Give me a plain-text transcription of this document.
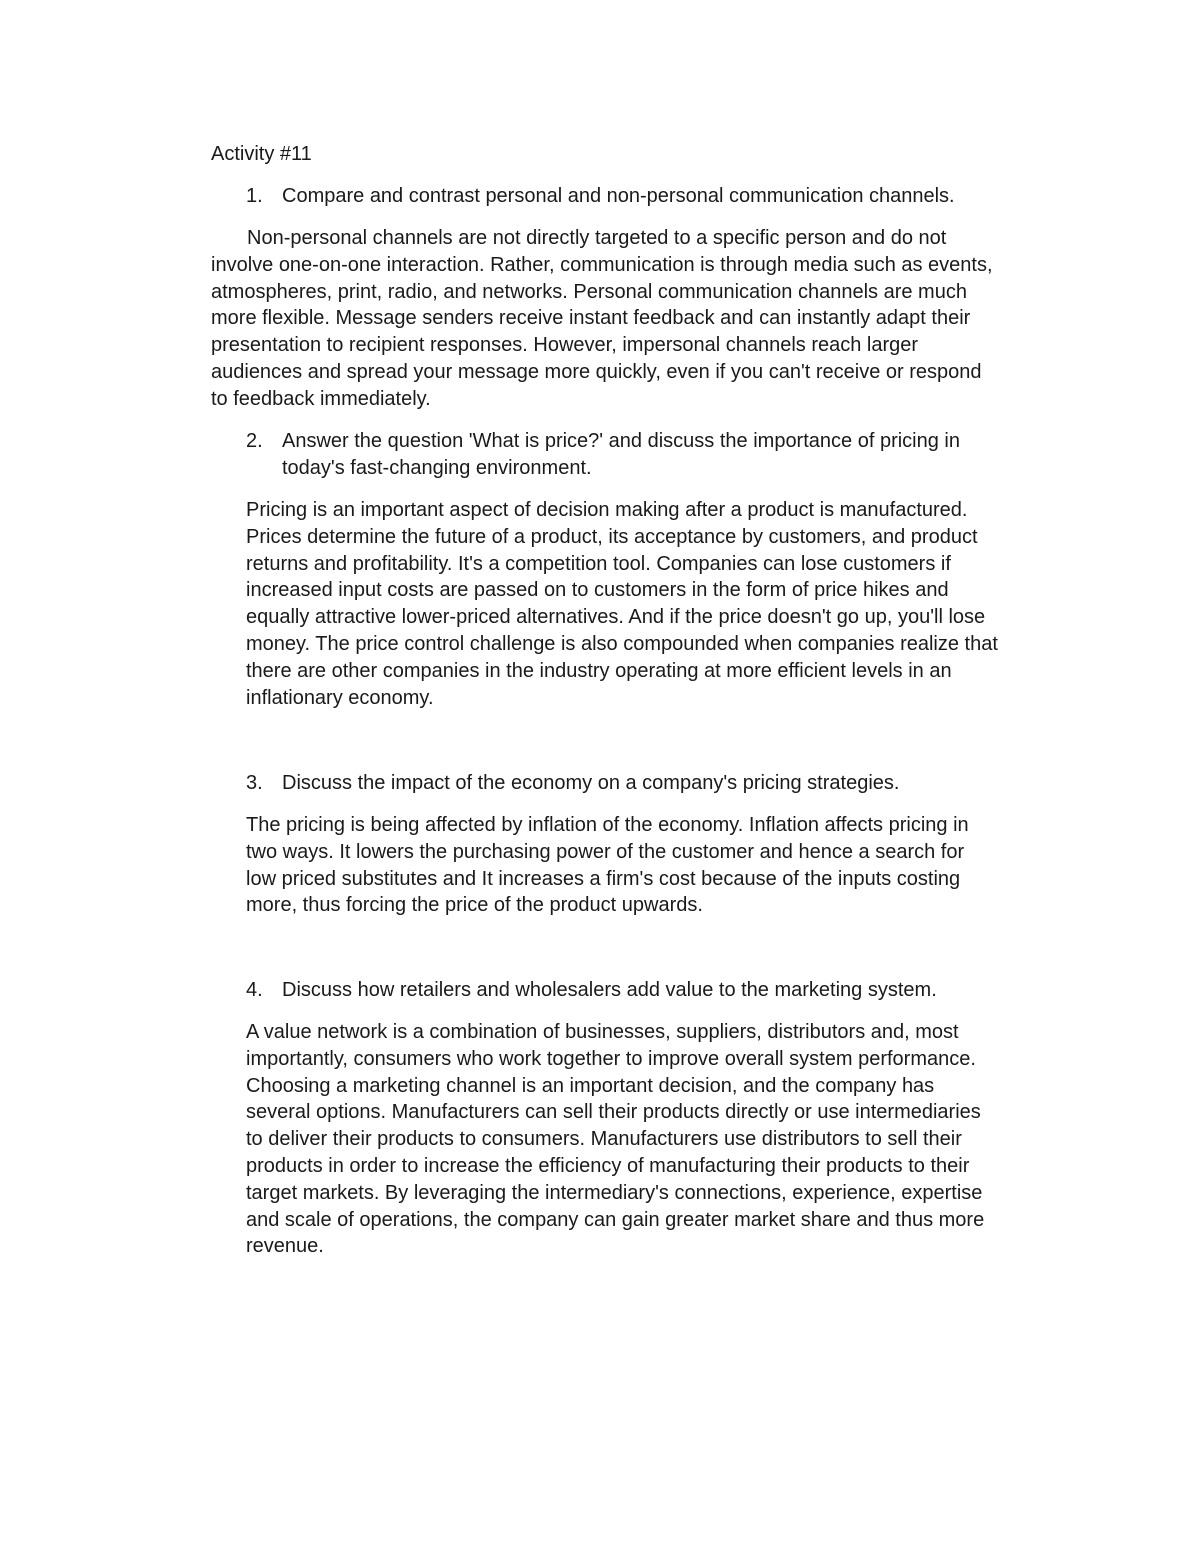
Activity #11
1. Compare and contrast personal and non-personal communication channels.
Non-personal channels are not directly targeted to a specific person and do not
involve one-on-one interaction. Rather, communication is through media such as events,
atmospheres, print, radio, and networks. Personal communication channels are much
more flexible. Message senders receive instant feedback and can instantly adapt their
presentation to recipient responses. However, impersonal channels reach larger
audiences and spread your message more quickly, even if you can't receive or respond
to feedback immediately.
2. Answer the question 'What is price?' and discuss the importance of pricing in
today's fast-changing environment.
Pricing is an important aspect of decision making after a product is manufactured.
Prices determine the future of a product, its acceptance by customers, and product
returns and profitability. It's a competition tool. Companies can lose customers if
increased input costs are passed on to customers in the form of price hikes and
equally attractive lower-priced alternatives. And if the price doesn't go up, you'll lose
money. The price control challenge is also compounded when companies realize that
there are other companies in the industry operating at more efficient levels in an
inflationary economy.
3. Discuss the impact of the economy on a company's pricing strategies.
The pricing is being affected by inflation of the economy. Inflation affects pricing in
two ways. It lowers the purchasing power of the customer and hence a search for
low priced substitutes and It increases a firm's cost because of the inputs costing
more, thus forcing the price of the product upwards.
4. Discuss how retailers and wholesalers add value to the marketing system.
A value network is a combination of businesses, suppliers, distributors and, most
importantly, consumers who work together to improve overall system performance.
Choosing a marketing channel is an important decision, and the company has
several options. Manufacturers can sell their products directly or use intermediaries
to deliver their products to consumers. Manufacturers use distributors to sell their
products in order to increase the efficiency of manufacturing their products to their
target markets. By leveraging the intermediary's connections, experience, expertise
and scale of operations, the company can gain greater market share and thus more
revenue.
